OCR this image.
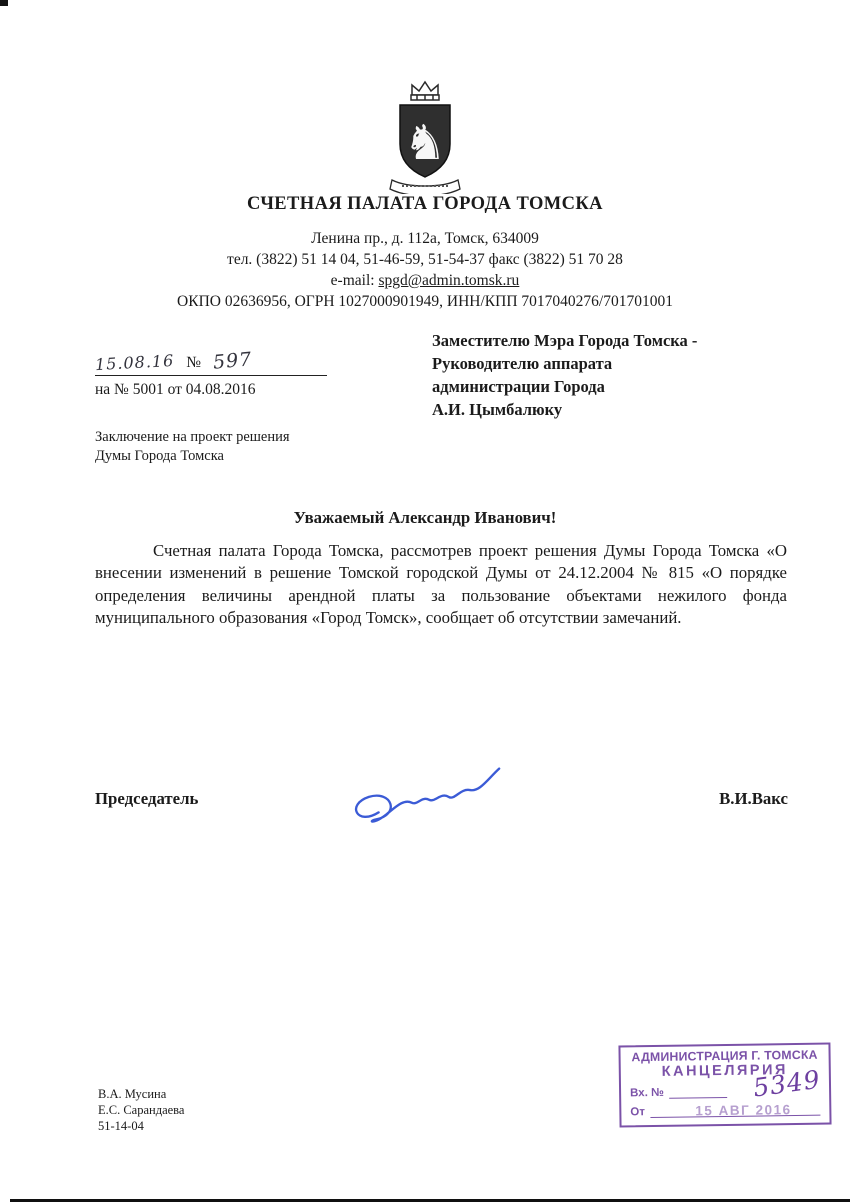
♞
СЧЕТНАЯ ПАЛАТА ГОРОДА ТОМСКА
Ленина пр., д. 112а, Томск, 634009
тел. (3822) 51 14 04, 51-46-59, 51-54-37 факс (3822) 51 70 28
e-mail: spgd@admin.tomsk.ru
ОКПО 02636956, ОГРН 1027000901949, ИНН/КПП 7017040276/701701001
15.08.16 № 597
на № 5001 от 04.08.2016
Заместителю Мэра Города Томска -
Руководителю аппарата
администрации Города
А.И. Цымбалюку
Заключение на проект решения
Думы Города Томска
Уважаемый Александр Иванович!
Счетная палата Города Томска, рассмотрев проект решения Думы Города Томска «О внесении изменений в решение Томской городской Думы от 24.12.2004 № 815 «О порядке определения величины арендной платы за пользование объектами нежилого фонда муниципального образования «Город Томск», сообщает об отсутствии замечаний.
Председатель	В.И.Вакс
В.А. Мусина
Е.С. Сарандаева
51-14-04
АДМИНИСТРАЦИЯ Г. ТОМСКА
КАНЦЕЛЯРИЯ
Вх. №
От
5349
15 АВГ 2016
